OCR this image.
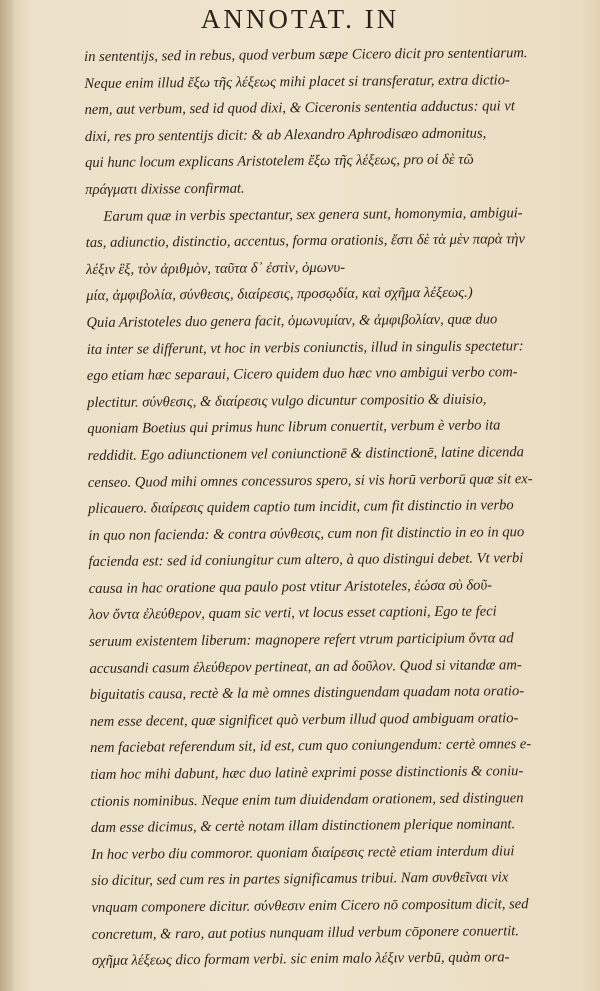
ANNOTAT. IN
in sententijs, sed in rebus, quod verbum sæpe Cicero dicit pro sententiarum.
Neque enim illud ἔξω τῆς λέξεως mihi placet si transferatur, extra dictio-
nem, aut verbum, sed id quod dixi, & Ciceronis sententia adductus: qui vt
dixi, res pro sententijs dicit: & ab Alexandro Aphrodisæo admonitus,
qui hunc locum explicans Aristotelem ἔξω τῆς λέξεως, pro οἱ δὲ τῶ
πράγματι dixisse confirmat.
Earum quæ in verbis spectantur, sex genera sunt, homonymia, ambigui-
tas, adiunctio, distinctio, accentus, forma orationis, ἔστι δὲ τὰ μὲν παρὰ τὴν
λέξιν ἓξ, τὸν ἀριθμὸν, ταῦτα δ᾽ ἐστὶν, ὁμωνυ-
μία, ἀμφιβολία, σύνθεσις, διαίρεσις, προσῳδία, καὶ σχῆμα λέξεως.)
Quia Aristoteles duo genera facit, ὁμωνυμίαν, & ἀμφιβολίαν, quæ duo
ita inter se differunt, vt hoc in verbis coniunctis, illud in singulis spectetur:
ego etiam hæc separaui, Cicero quidem duo hæc vno ambigui verbo com-
plectitur. σύνθεσις, & διαίρεσις vulgo dicuntur compositio & diuisio,
quoniam Boetius qui primus hunc librum conuertit, verbum è verbo ita
reddidit. Ego adiunctionem vel coniunctionē & distinctionē, latine dicenda
censeo. Quod mihi omnes concessuros spero, si vis horū verborū quæ sit ex-
plicauero. διαίρεσις quidem captio tum incidit, cum fit distinctio in verbo
in quo non facienda: & contra σύνθεσις, cum non fit distinctio in eo in quo
facienda est: sed id coniungitur cum altero, à quo distingui debet. Vt verbi
causa in hac oratione qua paulo post vtitur Aristoteles, ἐώσα σὺ δοῦ-
λον ὄντα ἐλεύθερον, quam sic verti, vt locus esset captioni, Ego te feci
seruum existentem liberum: magnopere refert vtrum participium ὄντα ad
accusandi casum ἐλεύθερον pertineat, an ad δοῦλον. Quod si vitandæ am-
biguitatis causa, rectè & la mè omnes distinguendam quadam nota oratio-
nem esse decent, quæ significet quò verbum illud quod ambiguam oratio-
nem faciebat referendum sit, id est, cum quo coniungendum: certè omnes e-
tiam hoc mihi dabunt, hæc duo latinè exprimi posse distinctionis & coniu-
ctionis nominibus. Neque enim tum diuidendam orationem, sed distinguen
dam esse dicimus, & certè notam illam distinctionem plerique nominant.
In hoc verbo diu commoror. quoniam διαίρεσις rectè etiam interdum diui
sio dicitur, sed cum res in partes significamus tribui. Nam συνθεῖναι vix
vnquam componere dicitur. σύνθεσιν enim Cicero nō compositum dicit, sed
concretum, & raro, aut potius nunquam illud verbum cōponere conuertit.
σχῆμα λέξεως dico formam verbi. sic enim malo λέξιν verbū, quàm ora-
